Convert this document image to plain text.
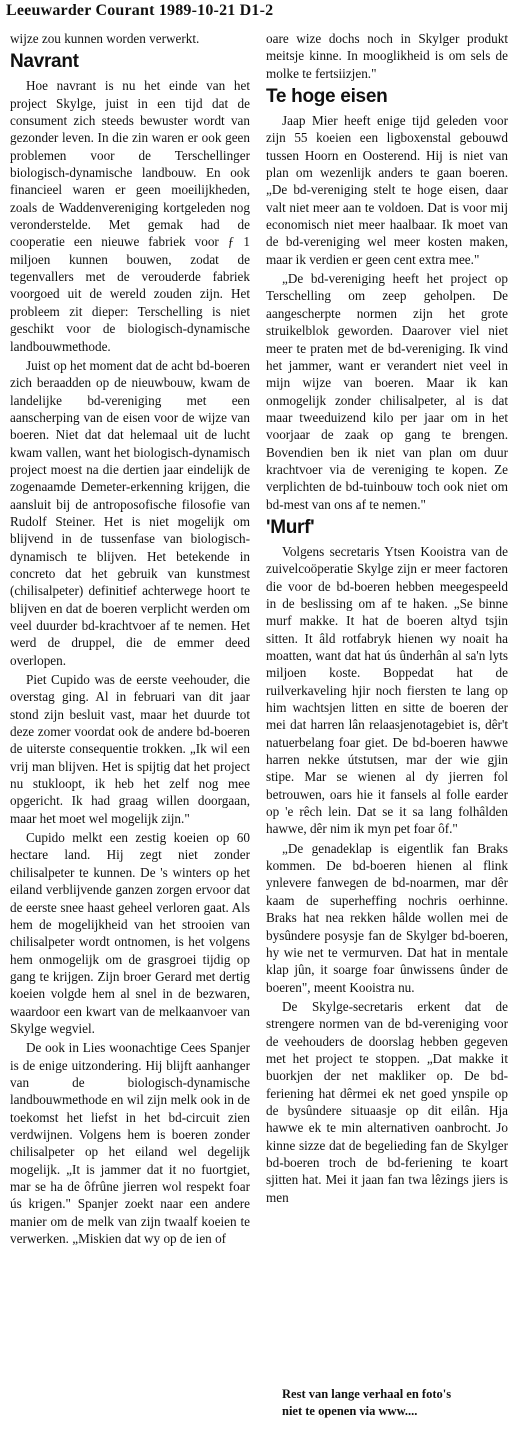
Leeuwarder Courant 1989-10-21 D1-2

wijze zou kunnen worden verwerkt.

Navrant

Hoe navrant is nu het einde van het project Skylge, juist in een tijd dat de consument zich steeds bewuster wordt van gezonder leven. In die zin waren er ook geen problemen voor de Terschellinger biologisch-dynamische landbouw. En ook financieel waren er geen moeilijkheden, zoals de Waddenvereniging kortgeleden nog veronderstelde. Met gemak had de cooperatie een nieuwe fabriek voor ƒ 1 miljoen kunnen bouwen, zodat de tegenvallers met de verouderde fabriek voorgoed uit de wereld zouden zijn. Het probleem zit dieper: Terschelling is niet geschikt voor de biologisch-dynamische landbouwmethode.

Juist op het moment dat de acht bd-boeren zich beraadden op de nieuwbouw, kwam de landelijke bd-vereniging met een aanscherping van de eisen voor de wijze van boeren. Niet dat dat helemaal uit de lucht kwam vallen, want het biologisch-dynamisch project moest na die dertien jaar eindelijk de zogenaamde Demeter-erkenning krijgen, die aansluit bij de antroposofische filosofie van Rudolf Steiner. Het is niet mogelijk om blijvend in de tussenfase van biologisch-dynamisch te blijven. Het betekende in concreto dat het gebruik van kunstmest (chilisalpeter) definitief achterwege hoort te blijven en dat de boeren verplicht werden om veel duurder bd-krachtvoer af te nemen. Het werd de druppel, die de emmer deed overlopen.

Piet Cupido was de eerste veehouder, die overstag ging. Al in februari van dit jaar stond zijn besluit vast, maar het duurde tot deze zomer voordat ook de andere bd-boeren de uiterste consequentie trokken. „Ik wil een vrij man blijven. Het is spijtig dat het project nu stukloopt, ik heb het zelf nog mee opgericht. Ik had graag willen doorgaan, maar het moet wel mogelijk zijn."

Cupido melkt een zestig koeien op 60 hectare land. Hij zegt niet zonder chilisalpeter te kunnen. De 's winters op het eiland verblijvende ganzen zorgen ervoor dat de eerste snee haast geheel verloren gaat. Als hem de mogelijkheid van het strooien van chilisalpeter wordt ontnomen, is het volgens hem onmogelijk om de grasgroei tijdig op gang te krijgen. Zijn broer Gerard met dertig koeien volgde hem al snel in de bezwaren, waardoor een kwart van de melkaanvoer van Skylge wegviel.

De ook in Lies woonachtige Cees Spanjer is de enige uitzondering. Hij blijft aanhanger van de biologisch-dynamische landbouwmethode en wil zijn melk ook in de toekomst het liefst in het bd-circuit zien verdwijnen. Volgens hem is boeren zonder chilisalpeter op het eiland wel degelijk mogelijk. „It is jammer dat it no fuortgiet, mar se ha de ôfrûne jierren wol respekt foar ús krigen." Spanjer zoekt naar een andere manier om de melk van zijn twaalf koeien te verwerken. „Miskien dat wy op de ien of

oare wize dochs noch in Skylger produkt meitsje kinne. In mooglikheid is om sels de molke te fertsiizjen."

Te hoge eisen

Jaap Mier heeft enige tijd geleden voor zijn 55 koeien een ligboxenstal gebouwd tussen Hoorn en Oosterend. Hij is niet van plan om wezenlijk anders te gaan boeren. „De bd-vereniging stelt te hoge eisen, daar valt niet meer aan te voldoen. Dat is voor mij economisch niet meer haalbaar. Ik moet van de bd-vereniging wel meer kosten maken, maar ik verdien er geen cent extra mee."

„De bd-vereniging heeft het project op Terschelling om zeep geholpen. De aangescherpte normen zijn het grote struikelblok geworden. Daarover viel niet meer te praten met de bd-vereniging. Ik vind het jammer, want er verandert niet veel in mijn wijze van boeren. Maar ik kan onmogelijk zonder chilisalpeter, al is dat maar tweeduizend kilo per jaar om in het voorjaar de zaak op gang te brengen. Bovendien ben ik niet van plan om duur krachtvoer via de vereniging te kopen. Ze verplichten de bd-tuinbouw toch ook niet om bd-mest van ons af te nemen."

'Murf'

Volgens secretaris Ytsen Kooistra van de zuivelcoöperatie Skylge zijn er meer factoren die voor de bd-boeren hebben meegespeeld in de beslissing om af te haken. „Se binne murf makke. It hat de boeren altyd tsjin sitten. It âld rotfabryk hienen wy noait ha moatten, want dat hat ús ûnderhân al sa'n lyts miljoen koste. Boppedat hat de ruilverkaveling hjir noch fiersten te lang op him wachtsjen litten en sitte de boeren der mei dat harren lân relaasjenotagebiet is, dêr't natuerbelang foar giet. De bd-boeren hawwe harren nekke útstutsen, mar der wie gjin stipe. Mar se wienen al dy jierren fol betrouwen, oars hie it fansels al folle earder op 'e rêch lein. Dat se it sa lang folhâlden hawwe, dêr nim ik myn pet foar ôf."

„De genadeklap is eigentlik fan Braks kommen. De bd-boeren hienen al flink ynlevere fanwegen de bd-noarmen, mar dêr kaam de superheffing nochris oerhinne. Braks hat nea rekken hâlde wollen mei de bysûndere posysje fan de Skylger bd-boeren, hy wie net te vermurven. Dat hat in mentale klap jûn, it soarge foar ûnwissens ûnder de boeren", meent Kooistra nu.

De Skylge-secretaris erkent dat de strengere normen van de bd-vereniging voor de veehouders de doorslag hebben gegeven met het project te stoppen. „Dat makke it buorkjen der net makliker op. De bd-feriening hat dêrmei ek net goed ynspile op de bysûndere situaasje op dit eilân. Hja hawwe ek te min alternativen oanbrocht. Jo kinne sizze dat de begelieding fan de Skylger bd-boeren troch de bd-feriening te koart sjitten hat. Mei it jaan fan twa lêzings jiers is men

Rest van lange verhaal en foto's
niet te openen via www....
